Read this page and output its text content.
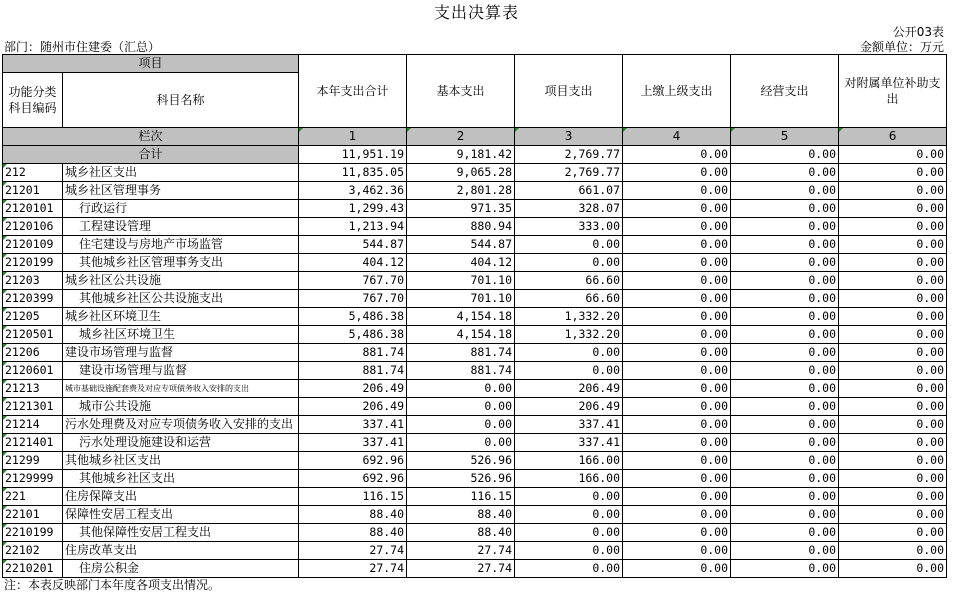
支出决算表
公开03表
部门：随州市住建委（汇总）	金额单位：万元
项目		本年支出合计	基本支出	项目支出	上缴上级支出	经营支出	对附属单位补助支出
功能分类科目编码	科目名称						

栏次		1	2	3	4	5	6
合计		11,951.19	9,181.42	2,769.77	0.00	0.00	0.00
212	城乡社区支出	11,835.05	9,065.28	2,769.77	0.00	0.00	0.00
21201	城乡社区管理事务	3,462.36	2,801.28	661.07	0.00	0.00	0.00
2120101	行政运行	1,299.43	971.35	328.07	0.00	0.00	0.00
2120106	工程建设管理	1,213.94	880.94	333.00	0.00	0.00	0.00
2120109	住宅建设与房地产市场监管	544.87	544.87	0.00	0.00	0.00	0.00
2120199	其他城乡社区管理事务支出	404.12	404.12	0.00	0.00	0.00	0.00
21203	城乡社区公共设施	767.70	701.10	66.60	0.00	0.00	0.00
2120399	其他城乡社区公共设施支出	767.70	701.10	66.60	0.00	0.00	0.00
21205	城乡社区环境卫生	5,486.38	4,154.18	1,332.20	0.00	0.00	0.00
2120501	城乡社区环境卫生	5,486.38	4,154.18	1,332.20	0.00	0.00	0.00
21206	建设市场管理与监督	881.74	881.74	0.00	0.00	0.00	0.00
2120601	建设市场管理与监督	881.74	881.74	0.00	0.00	0.00	0.00
21213	城市基础设施配套费及对应专项债务收入安排的支出	206.49	0.00	206.49	0.00	0.00	0.00
2121301	城市公共设施	206.49	0.00	206.49	0.00	0.00	0.00
21214	污水处理费及对应专项债务收入安排的支出	337.41	0.00	337.41	0.00	0.00	0.00
2121401	污水处理设施建设和运营	337.41	0.00	337.41	0.00	0.00	0.00
21299	其他城乡社区支出	692.96	526.96	166.00	0.00	0.00	0.00
2129999	其他城乡社区支出	692.96	526.96	166.00	0.00	0.00	0.00
221	住房保障支出	116.15	116.15	0.00	0.00	0.00	0.00
22101	保障性安居工程支出	88.40	88.40	0.00	0.00	0.00	0.00
2210199	其他保障性安居工程支出	88.40	88.40	0.00	0.00	0.00	0.00
22102	住房改革支出	27.74	27.74	0.00	0.00	0.00	0.00
2210201	住房公积金	27.74	27.74	0.00	0.00	0.00	0.00
注：本表反映部门本年度各项支出情况。
